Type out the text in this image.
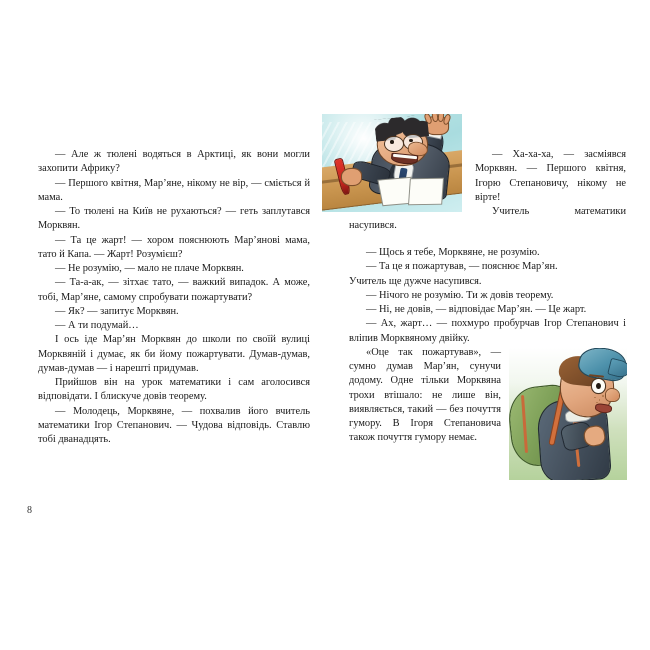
— Але ж тюлені водяться в Арктиці, як вони могли захопити Африку?

— Першого квітня, Мар’яне, нікому не вір, — сміється й мама.

— То тюлені на Київ не рухаються? — геть заплутався Морквян.

— Та це жарт! — хором пояснюють Мар’янові мама, тато й Капа. — Жарт! Розумієш?

— Не розумію, — мало не плаче Морквян.

— Та-а-ак, — зітхає тато, — важкий випадок. А може, тобі, Мар’яне, самому спробувати пожартувати?

— Як? — запитує Морквян.

— А ти подумай…

І ось іде Мар’ян Морквян до школи по своїй вулиці Морквяній і думає, як би йому пожартувати. Думав-думав, думав-думав — і нарешті придумав.

Прийшов він на урок математики і сам аголосився відповідати. І блискуче довів теорему.

— Молодець, Морквяне, — похвалив його вчитель математики Ігор Степанович. — Чудова відповідь. Ставлю тобі дванадцять.

8

— Ха-ха-ха, — засміявся Морквян. — Першого квітня, Ігорю Степановичу, нікому не вірте!

Учитель математики насупився.

— Щось я тебе, Морквяне, не розумію.

— Та це я пожартував, — пояснює Мар’ян.

Учитель ще дужче насупився.

— Нічого не розумію. Ти ж довів теорему.

— Ні, не довів, — відповідає Мар’ян. — Це жарт.

— Ах, жарт… — похмуро пробурчав Ігор Степанович і вліпив Морквяному двійку.

«Оце так пожартував», — сумно думав Мар’ян, сунучи додому. Одне тільки Морквяна трохи втішало: не лише він, виявляється, такий — без почуття гумору. В Ігоря Степановича також почуття гумору немає.
